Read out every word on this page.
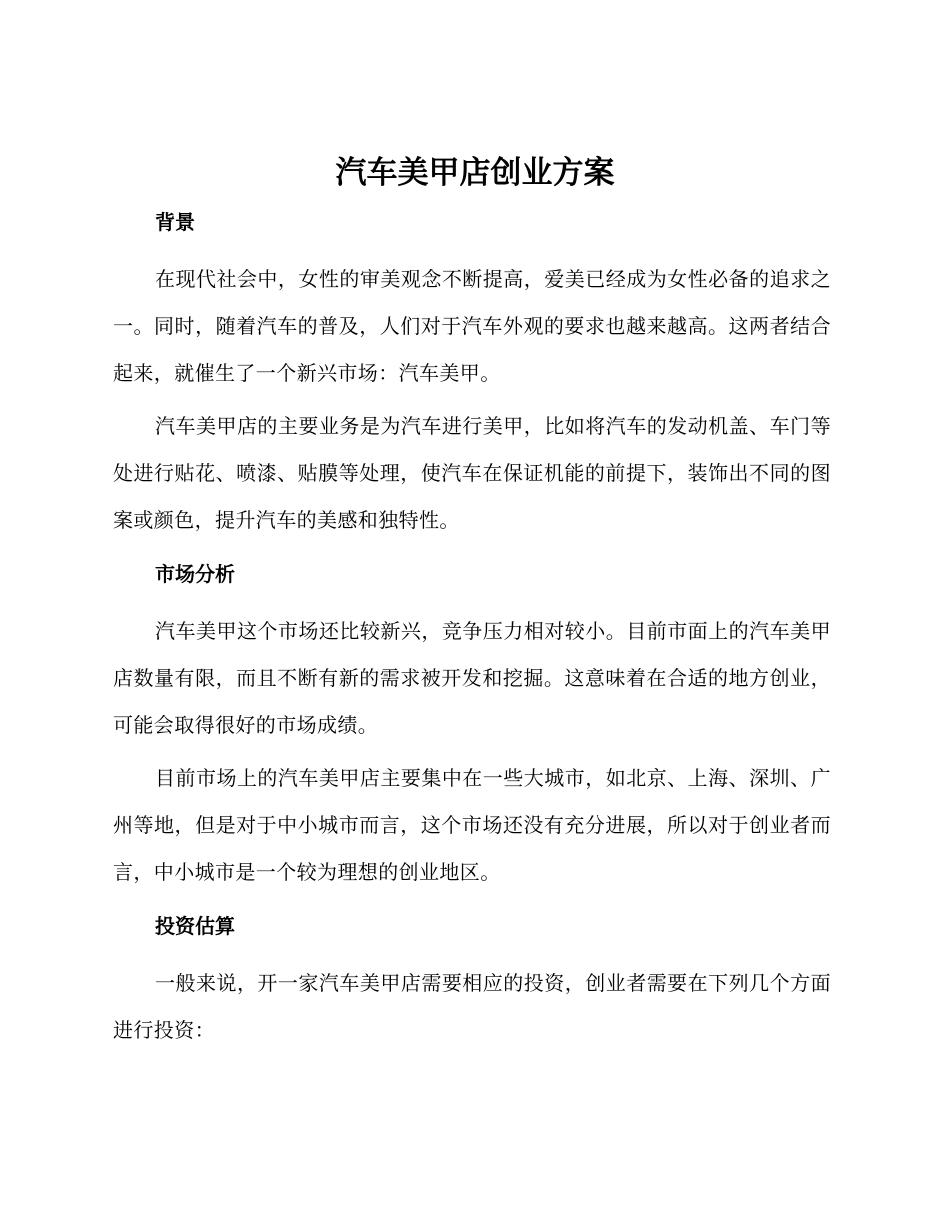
汽车美甲店创业方案
背景
在现代社会中，女性的审美观念不断提高，爱美已经成为女性必备的追求之一。同时，随着汽车的普及，人们对于汽车外观的要求也越来越高。这两者结合起来，就催生了一个新兴市场：汽车美甲。
汽车美甲店的主要业务是为汽车进行美甲，比如将汽车的发动机盖、车门等处进行贴花、喷漆、贴膜等处理，使汽车在保证机能的前提下，装饰出不同的图案或颜色，提升汽车的美感和独特性。
市场分析
汽车美甲这个市场还比较新兴，竞争压力相对较小。目前市面上的汽车美甲店数量有限，而且不断有新的需求被开发和挖掘。这意味着在合适的地方创业，可能会取得很好的市场成绩。
目前市场上的汽车美甲店主要集中在一些大城市，如北京、上海、深圳、广州等地，但是对于中小城市而言，这个市场还没有充分进展，所以对于创业者而言，中小城市是一个较为理想的创业地区。
投资估算
一般来说，开一家汽车美甲店需要相应的投资，创业者需要在下列几个方面进行投资：
